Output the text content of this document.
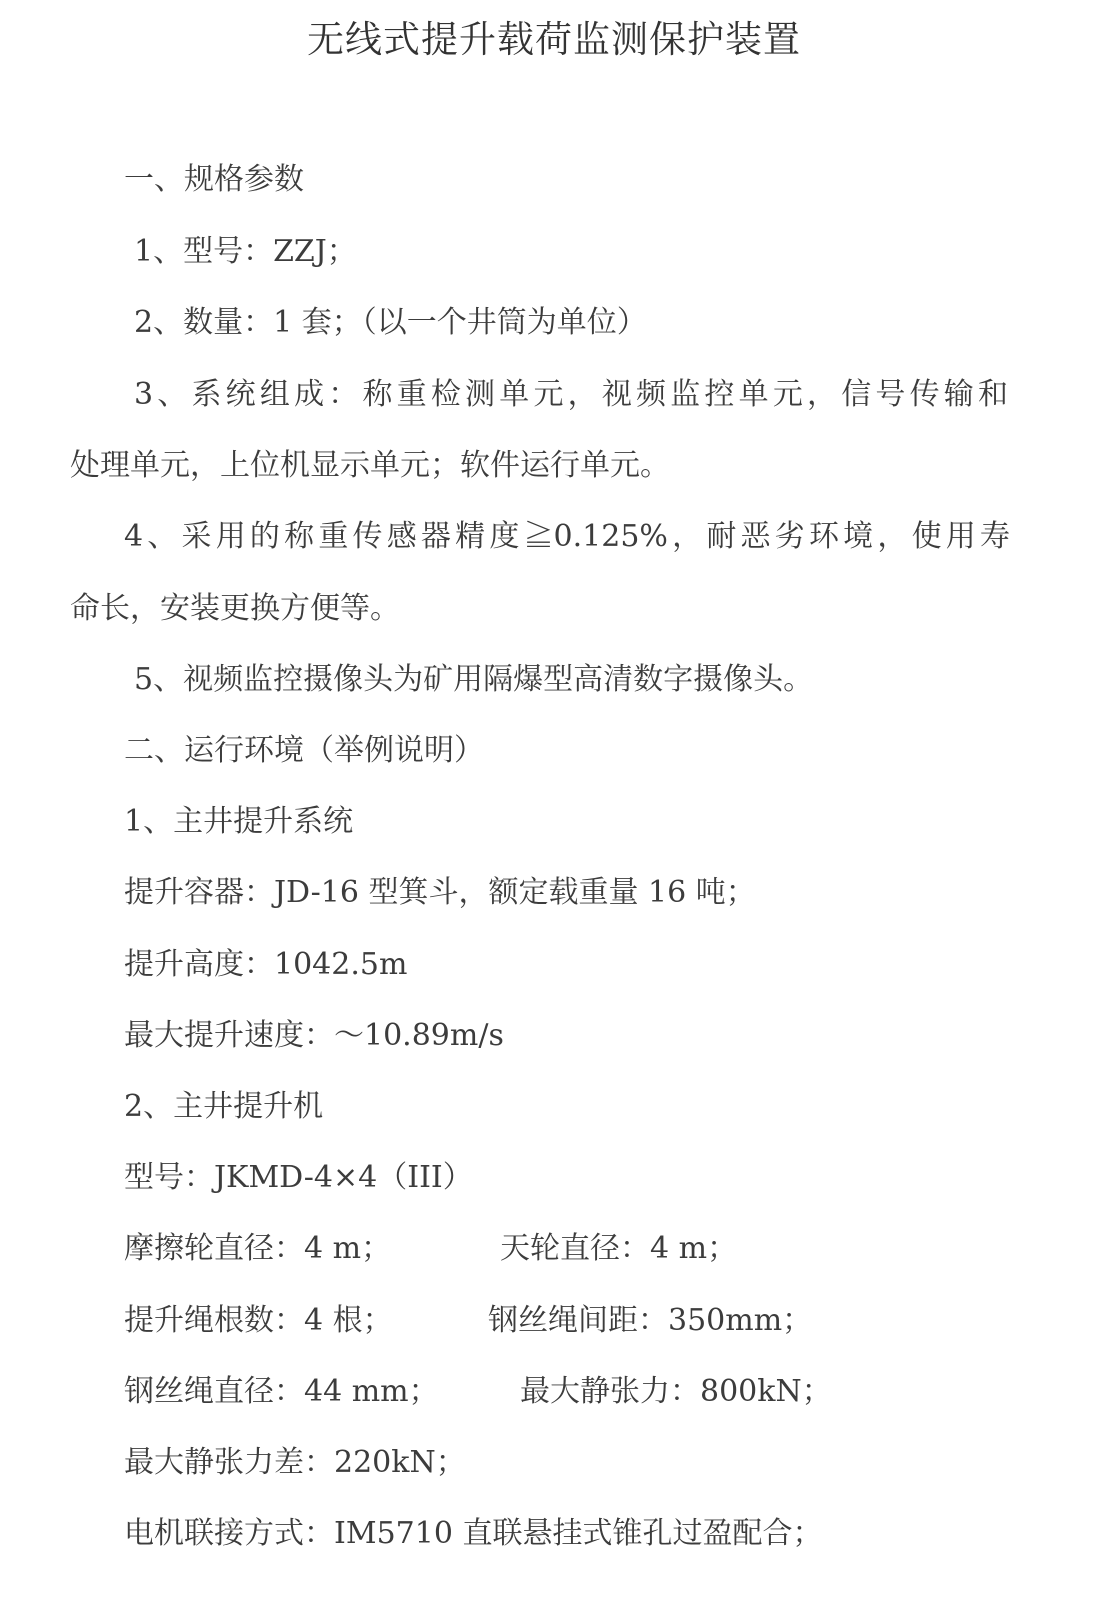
无线式提升载荷监测保护装置
一、规格参数
1、型号：ZZJ；
2、数量：1 套；（以一个井筒为单位）
3、系统组成：称重检测单元，视频监控单元，信号传输和
处理单元，上位机显示单元；软件运行单元。
4、采用的称重传感器精度≧0.125%，耐恶劣环境，使用寿
命长，安装更换方便等。
5、视频监控摄像头为矿用隔爆型高清数字摄像头。
二、运行环境（举例说明）
1、主井提升系统
提升容器：JD-16 型箕斗，额定载重量 16 吨；
提升高度：1042.5m
最大提升速度：～10.89m/s
2、主井提升机
型号：JKMD-4×4（III）
摩擦轮直径：4 m；	天轮直径：4 m；
提升绳根数：4 根；	钢丝绳间距：350mm；
钢丝绳直径：44 mm；	最大静张力：800kN；
最大静张力差：220kN；
电机联接方式：IM5710 直联悬挂式锥孔过盈配合；
